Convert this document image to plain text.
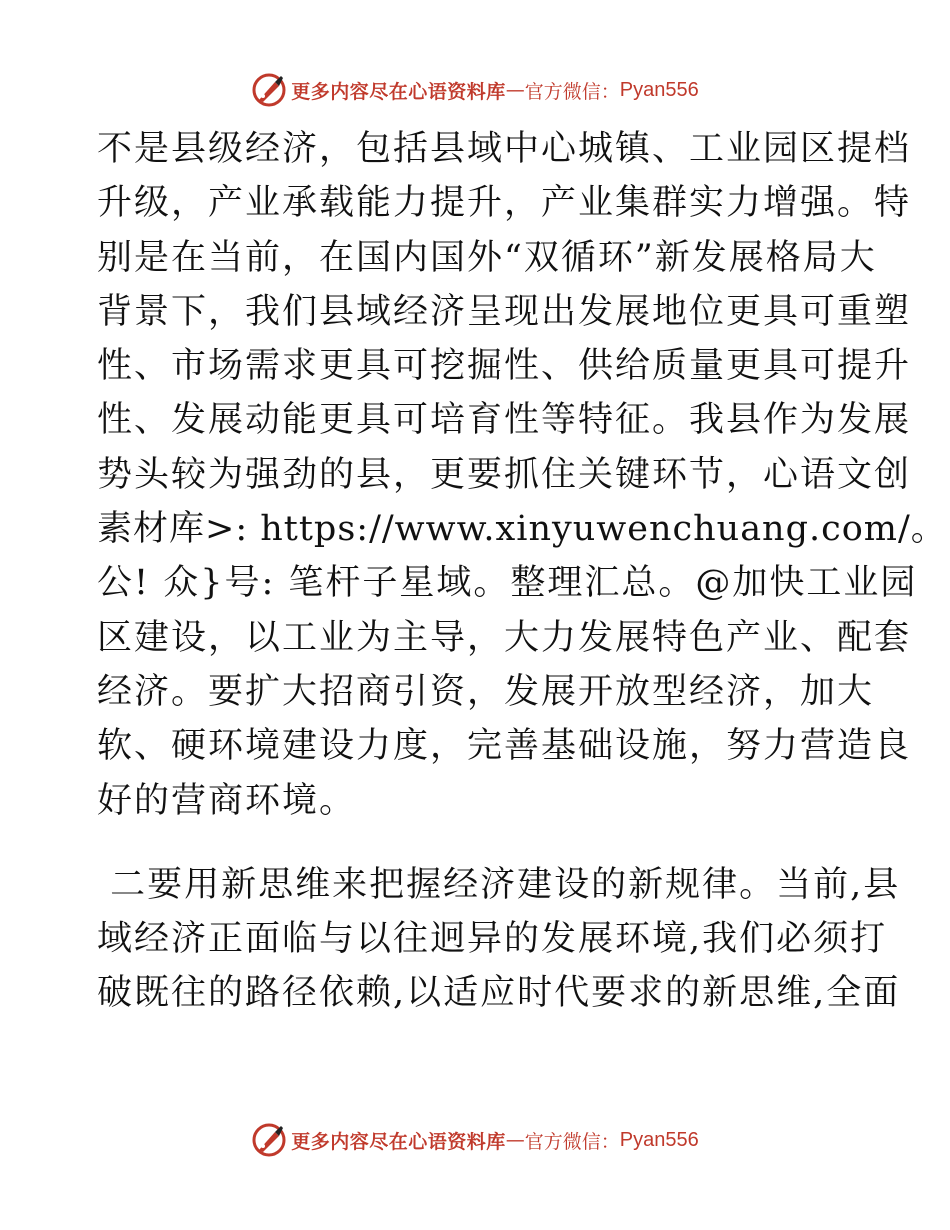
更多内容尽在心语资料库 — 官方微信： Pyan556
不是县级经济，包括县域中心城镇、工业园区提档
升级，产业承载能力提升，产业集群实力增强。特
别是在当前，在国内国外“双循环”新发展格局大
背景下，我们县域经济呈现出发展地位更具可重塑
性、市场需求更具可挖掘性、供给质量更具可提升
性、发展动能更具可培育性等特征。我县作为发展
势头较为强劲的县，更要抓住关键环节，心语文创
素材库>: https://www.xinyuwenchuang.com/。
公! 众}号: 笔杆子星域。整理汇总。@加快工业园
区建设，以工业为主导，大力发展特色产业、配套
经济。要扩大招商引资，发展开放型经济，加大
软、硬环境建设力度，完善基础设施，努力营造良
好的营商环境。
二要用新思维来把握经济建设的新规律。当前,县
域经济正面临与以往迥异的发展环境,我们必须打
破既往的路径依赖,以适应时代要求的新思维,全面
更多内容尽在心语资料库 — 官方微信： Pyan556
